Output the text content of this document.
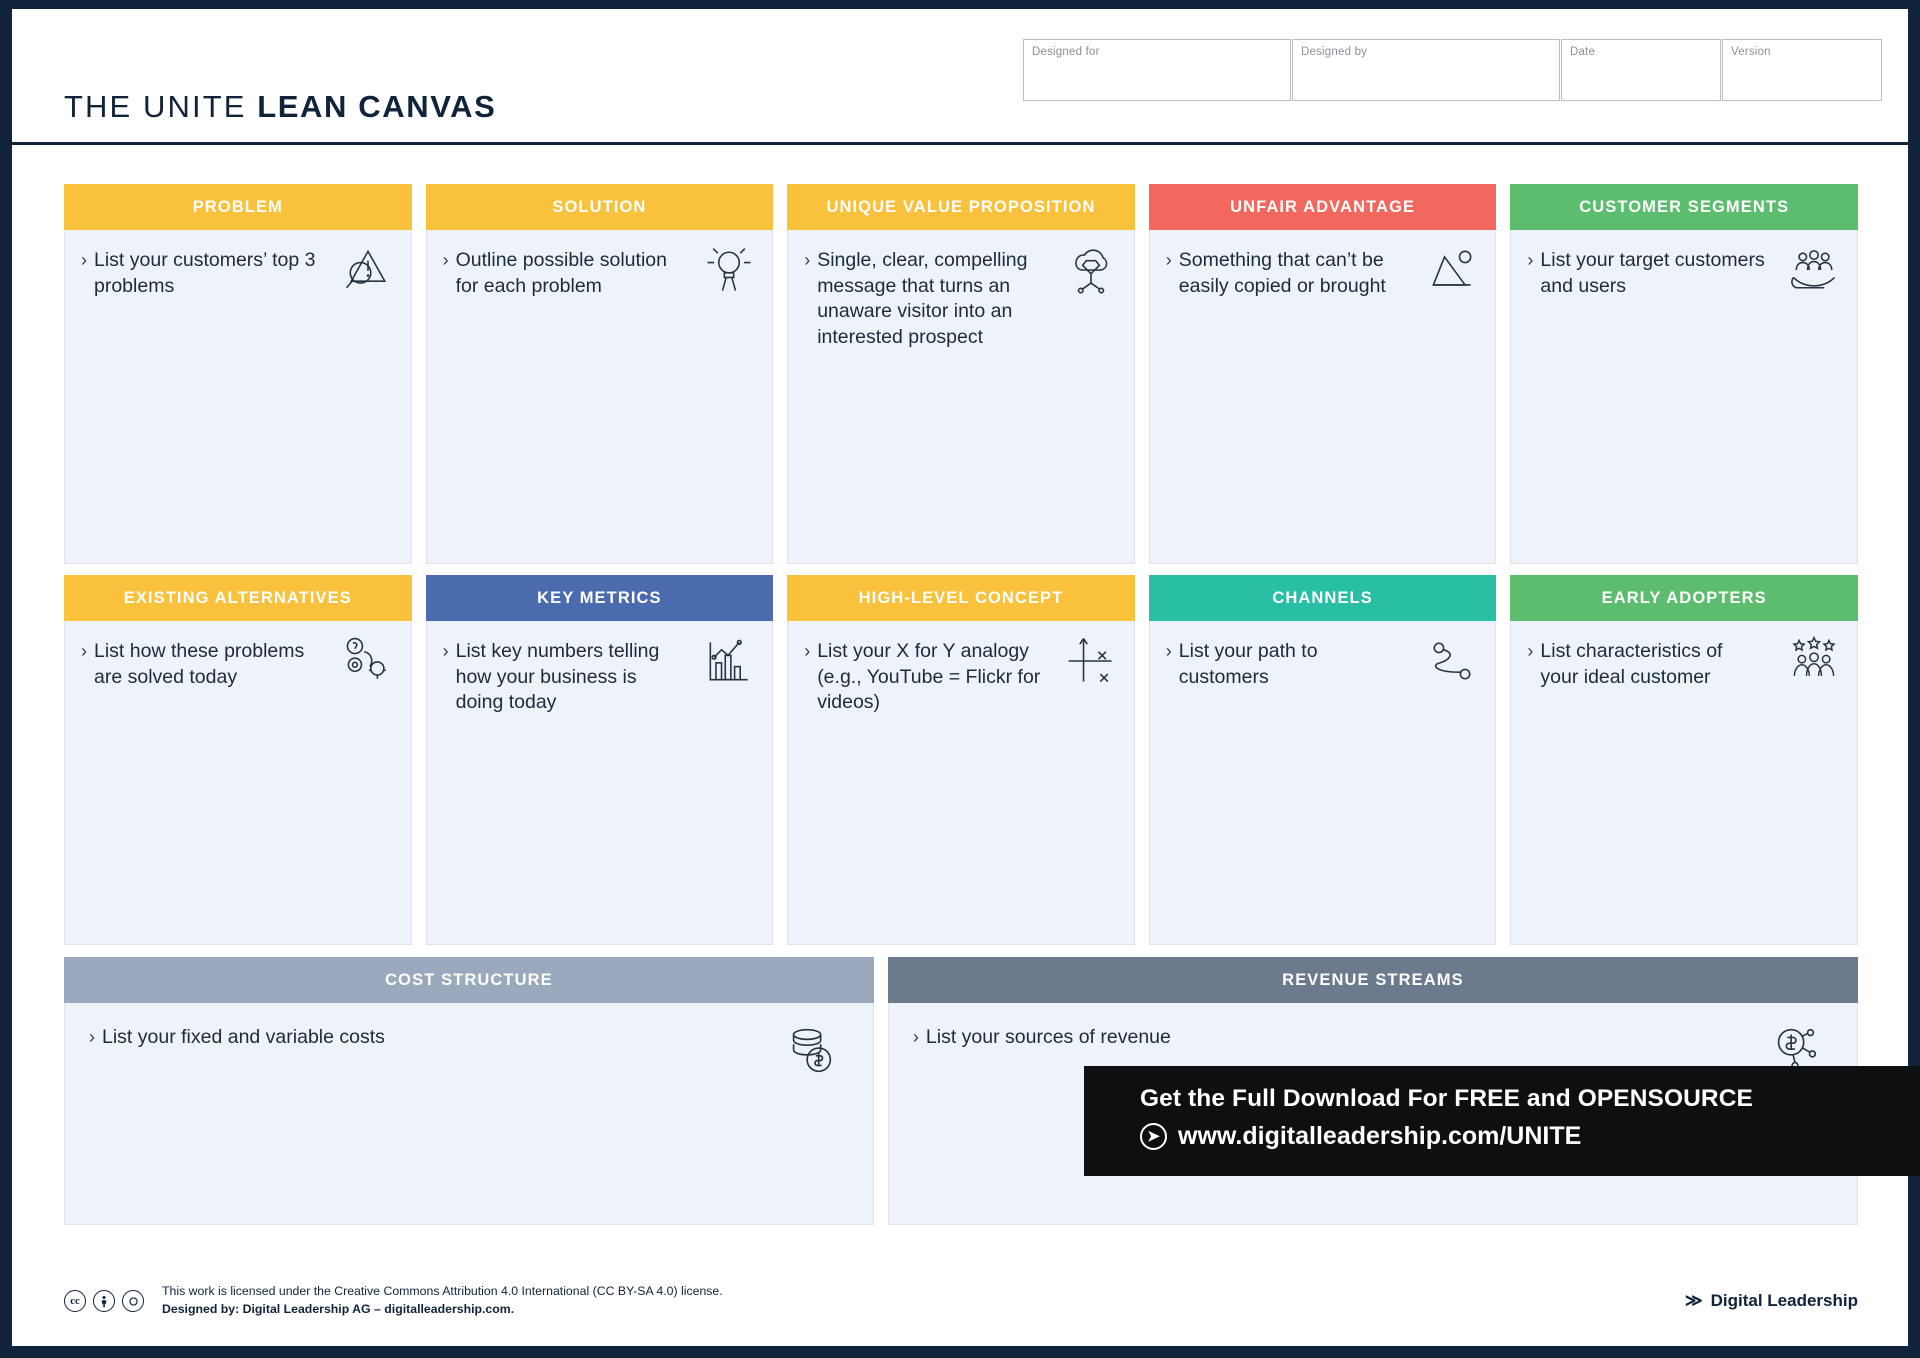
THE UNITE LEAN CANVAS
Designed for	Designed by	Date	Version
PROBLEM
› List your customers’ top 3 problems
SOLUTION
› Outline possible solution for each problem
UNIQUE VALUE PROPOSITION
› Single, clear, compelling message that turns an unaware visitor into an interested prospect
UNFAIR ADVANTAGE
› Something that can’t be easily copied or brought
CUSTOMER SEGMENTS
› List your target customers and users
EXISTING ALTERNATIVES
› List how these problems are solved today
KEY METRICS
› List key numbers telling how your business is doing today
HIGH-LEVEL CONCEPT
› List your X for Y analogy (e.g., YouTube = Flickr for videos)
CHANNELS
› List your path to customers
EARLY ADOPTERS
› List characteristics of your ideal customer
COST STRUCTURE
› List your fixed and variable costs
REVENUE STREAMS
› List your sources of revenue
cc
This work is licensed under the Creative Commons Attribution 4.0 International (CC BY-SA 4.0) license.
Designed by: Digital Leadership AG – digitalleadership.com.	≫ Digital Leadership
Get the Full Download For FREE and OPENSOURCE
➤ www.digitalleadership.com/UNITE
